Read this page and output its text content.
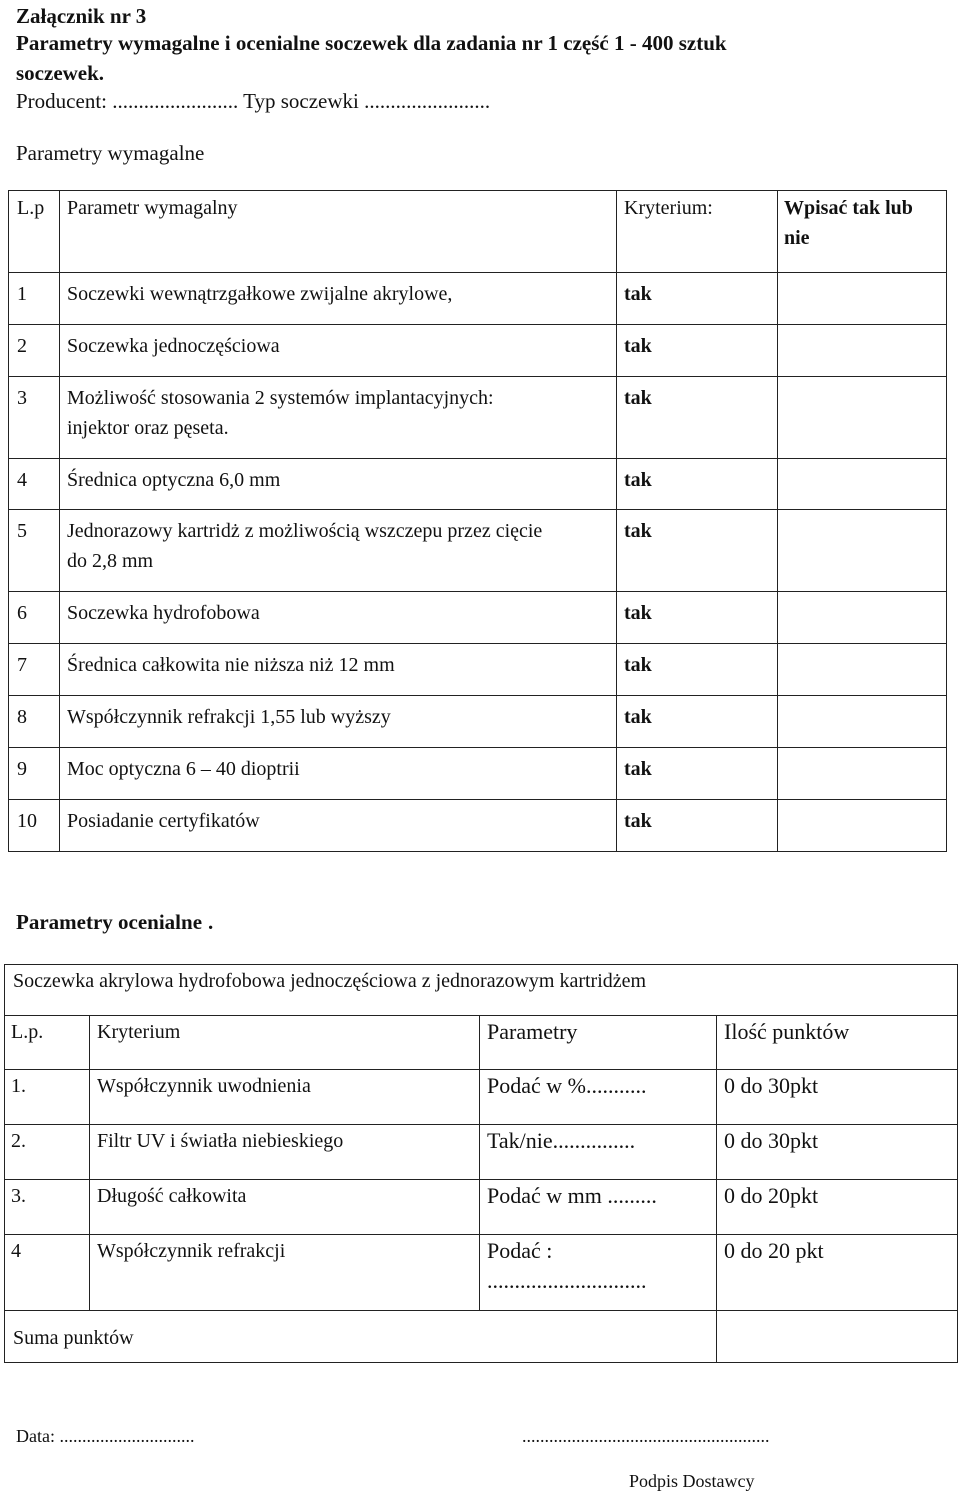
Załącznik nr 3
Parametry wymagalne i ocenialne soczewek dla zadania nr 1 część 1 - 400 sztuk
soczewek.
Producent: ........................ Typ soczewki ........................
Parametry wymagalne
L.p	Parametr wymagalny	Kryterium:	Wpisać tak lub
nie

1	Soczewki wewnątrzgałkowe zwijalne akrylowe,	tak	
2	Soczewka jednoczęściowa	tak	
3	Możliwość stosowania 2 systemów implantacyjnych:
injektor oraz pęseta.	tak	
4	Średnica optyczna 6,0 mm	tak	
5	Jednorazowy kartridż z możliwością wszczepu przez cięcie
do 2,8 mm	tak	
6	Soczewka hydrofobowa	tak	
7	Średnica całkowita nie niższa niż 12 mm	tak	
8	Współczynnik refrakcji 1,55 lub wyższy	tak	
9	Moc optyczna 6 – 40 dioptrii	tak	
10	Posiadanie certyfikatów	tak	
Parametry ocenialne .
Soczewka akrylowa hydrofobowa jednoczęściowa z jednorazowym kartridżem			
L.p.	Kryterium	Parametry	Ilość punktów
1.	Współczynnik uwodnienia	Podać w %...........	0 do 30pkt
2.	Filtr UV i światła niebieskiego	Tak/nie...............	0 do 30pkt
3.	Długość całkowita	Podać w mm .........	0 do 20pkt
4	Współczynnik refrakcji	Podać :
.............................	0 do 20 pkt
Suma punktów			
Data: ..............................	.......................................................
Podpis Dostawcy
